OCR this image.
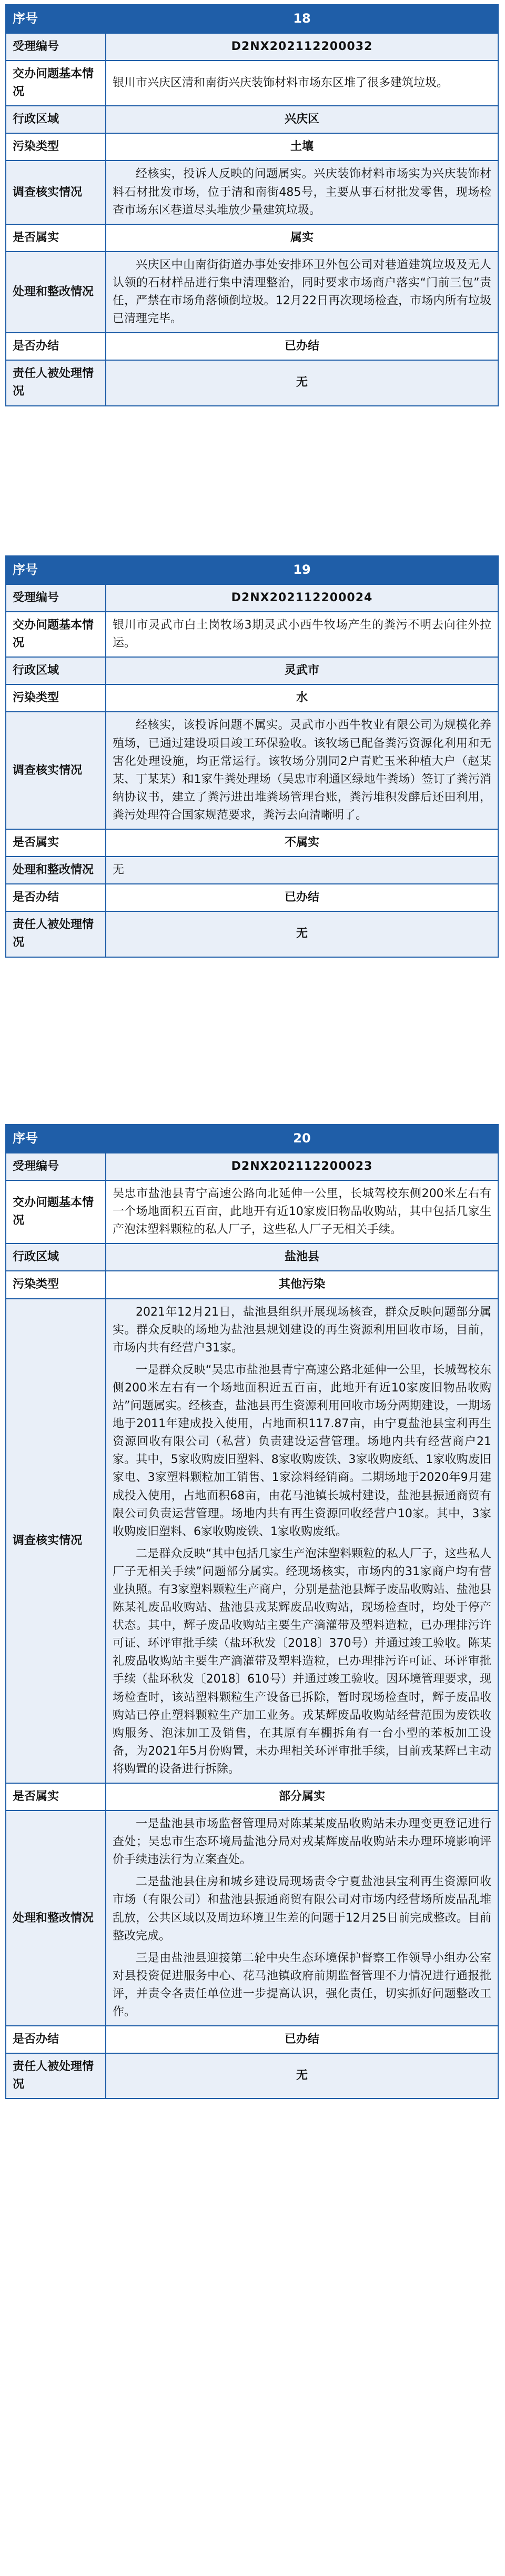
序号	18
受理编号	D2NX202112200032
交办问题基本情况	银川市兴庆区清和南街兴庆装饰材料市场东区堆了很多建筑垃圾。
行政区域	兴庆区
污染类型	土壤
调查核实情况	经核实，投诉人反映的问题属实。兴庆装饰材料市场实为兴庆装饰材料石材批发市场，位于清和南街485号，主要从事石材批发零售，现场检查市场东区巷道尽头堆放少量建筑垃圾。

是否属实	属实
处理和整改情况	兴庆区中山南街街道办事处安排环卫外包公司对巷道建筑垃圾及无人认领的石材样品进行集中清理整治，同时要求市场商户落实“门前三包”责任，严禁在市场角落倾倒垃圾。12月22日再次现场检查，市场内所有垃圾已清理完毕。

是否办结	已办结
责任人被处理情况	无
序号	19
受理编号	D2NX202112200024
交办问题基本情况	银川市灵武市白土岗牧场3期灵武小西牛牧场产生的粪污不明去向往外拉运。
行政区域	灵武市
污染类型	水
调查核实情况	经核实，该投诉问题不属实。灵武市小西牛牧业有限公司为规模化养殖场，已通过建设项目竣工环保验收。该牧场已配备粪污资源化利用和无害化处理设施，均正常运行。该牧场分别同2户青贮玉米种植大户（赵某某、丁某某）和1家牛粪处理场（吴忠市利通区绿地牛粪场）签订了粪污消纳协议书，建立了粪污进出堆粪场管理台账，粪污堆积发酵后还田利用，粪污处理符合国家规范要求，粪污去向清晰明了。

是否属实	不属实
处理和整改情况	无
是否办结	已办结
责任人被处理情况	无
序号	20
受理编号	D2NX202112200023
交办问题基本情况	吴忠市盐池县青宁高速公路向北延伸一公里，长城驾校东侧200米左右有一个场地面积五百亩，此地开有近10家废旧物品收购站，其中包括几家生产泡沫塑料颗粒的私人厂子，这些私人厂子无相关手续。
行政区域	盐池县
污染类型	其他污染
调查核实情况	2021年12月21日，盐池县组织开展现场核查，群众反映问题部分属实。群众反映的场地为盐池县规划建设的再生资源利用回收市场，目前，市场内共有经营户31家。

一是群众反映“吴忠市盐池县青宁高速公路北延伸一公里，长城驾校东侧200米左右有一个场地面积近五百亩，此地开有近10家废旧物品收购站”问题属实。经核查，盐池县再生资源利用回收市场分两期建设，一期场地于2011年建成投入使用，占地面积117.87亩，由宁夏盐池县宝利再生资源回收有限公司（私营）负责建设运营管理。场地内共有经营商户21家。其中，5家收购废旧塑料、8家收购废铁、3家收购废纸、1家收购废旧家电、3家塑料颗粒加工销售、1家涂料经销商。二期场地于2020年9月建成投入使用，占地面积68亩，由花马池镇长城村建设，盐池县振通商贸有限公司负责运营管理。场地内共有再生资源回收经营户10家。其中，3家收购废旧塑料、6家收购废铁、1家收购废纸。

二是群众反映“其中包括几家生产泡沫塑料颗粒的私人厂子，这些私人厂子无相关手续”问题部分属实。经现场核实，市场内的31家商户均有营业执照。有3家塑料颗粒生产商户，分别是盐池县辉子废品收购站、盐池县陈某礼废品收购站、盐池县戎某辉废品收购站，现场检查时，均处于停产状态。其中，辉子废品收购站主要生产滴灌带及塑料造粒，已办理排污许可证、环评审批手续（盐环秋发〔2018〕370号）并通过竣工验收。陈某礼废品收购站主要生产滴灌带及塑料造粒，已办理排污许可证、环评审批手续（盐环秋发〔2018〕610号）并通过竣工验收。因环境管理要求，现场检查时，该站塑料颗粒生产设备已拆除，暂时现场检查时，辉子废品收购站已停止塑料颗粒生产加工业务。戎某辉废品收购站经营范围为废铁收购服务、泡沫加工及销售，在其原有车棚拆角有一台小型的苯板加工设备，为2021年5月份购置，未办理相关环评审批手续，目前戎某辉已主动将购置的设备进行拆除。

是否属实	部分属实
处理和整改情况	一是盐池县市场监督管理局对陈某某废品收购站未办理变更登记进行查处；吴忠市生态环境局盐池分局对戎某辉废品收购站未办理环境影响评价手续违法行为立案查处。

二是盐池县住房和城乡建设局现场责令宁夏盐池县宝利再生资源回收市场（有限公司）和盐池县振通商贸有限公司对市场内经营场所废品乱堆乱放，公共区域以及周边环境卫生差的问题于12月25日前完成整改。目前整改完成。

三是由盐池县迎接第二轮中央生态环境保护督察工作领导小组办公室对县投资促进服务中心、花马池镇政府前期监督管理不力情况进行通报批评，并责令各责任单位进一步提高认识，强化责任，切实抓好问题整改工作。

是否办结	已办结
责任人被处理情况	无
